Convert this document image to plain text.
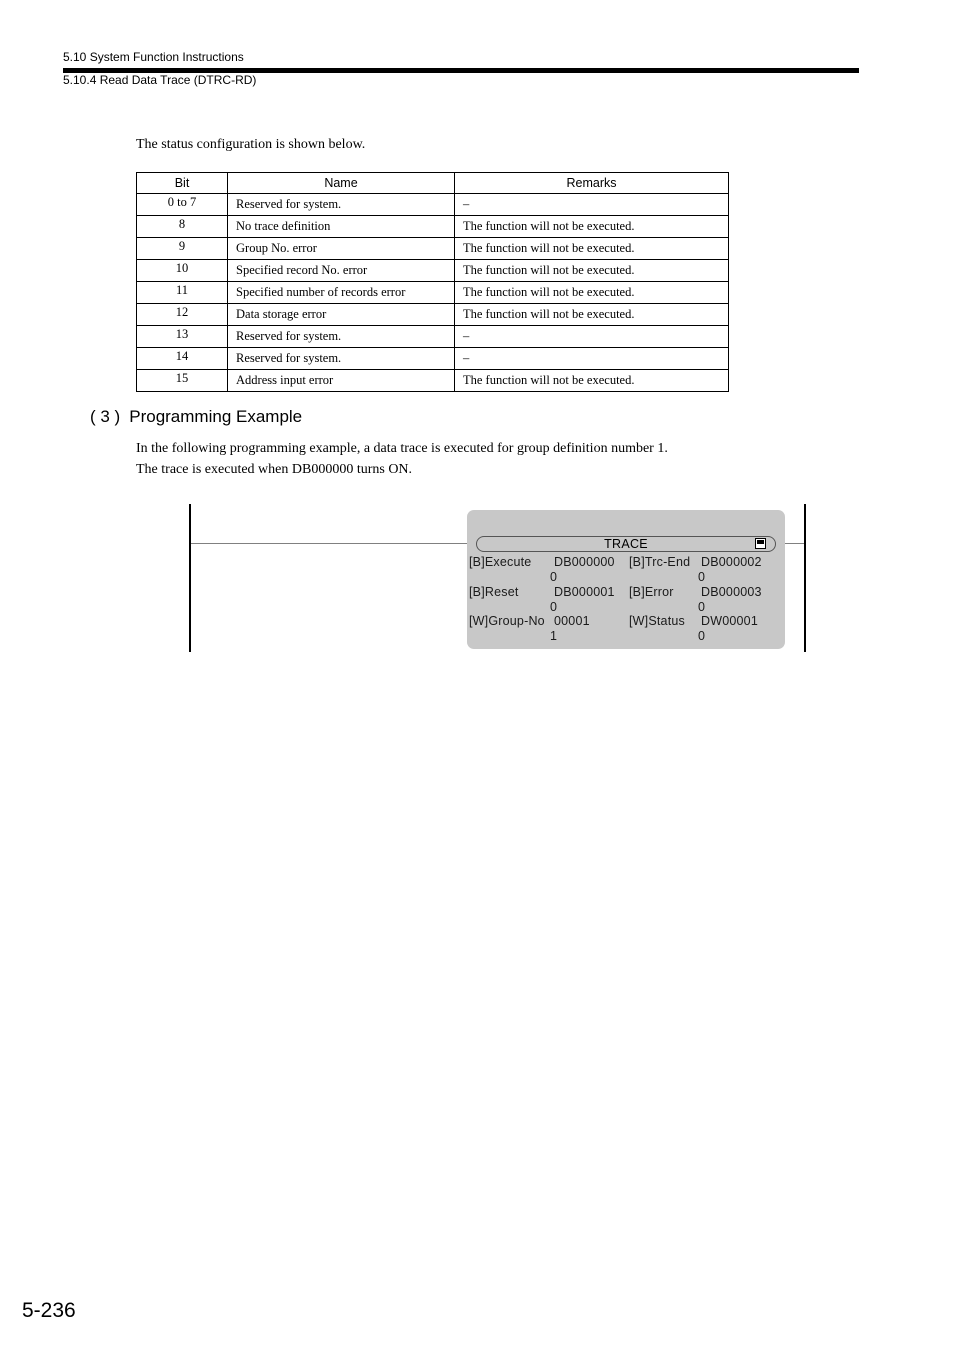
5.10 System Function Instructions
5.10.4 Read Data Trace (DTRC-RD)
The status configuration is shown below.
Bit	Name	Remarks
0 to 7	Reserved for system.	–
8	No trace definition	The function will not be executed.
9	Group No. error	The function will not be executed.
10	Specified record No. error	The function will not be executed.
11	Specified number of records error	The function will not be executed.
12	Data storage error	The function will not be executed.
13	Reserved for system.	–
14	Reserved for system.	–
15	Address input error	The function will not be executed.
( 3 ) Programming Example
In the following programming example, a data trace is executed for group definition number 1.
The trace is executed when DB000000 turns ON.
TRACE
[B]Execute DB000000
0
[B]Trc-End DB000002
0
[B]Reset	DB000001
0
[B]Error DB000003
0
[W]Group-No 00001
1
[W]Status DW00001
0
5-236
